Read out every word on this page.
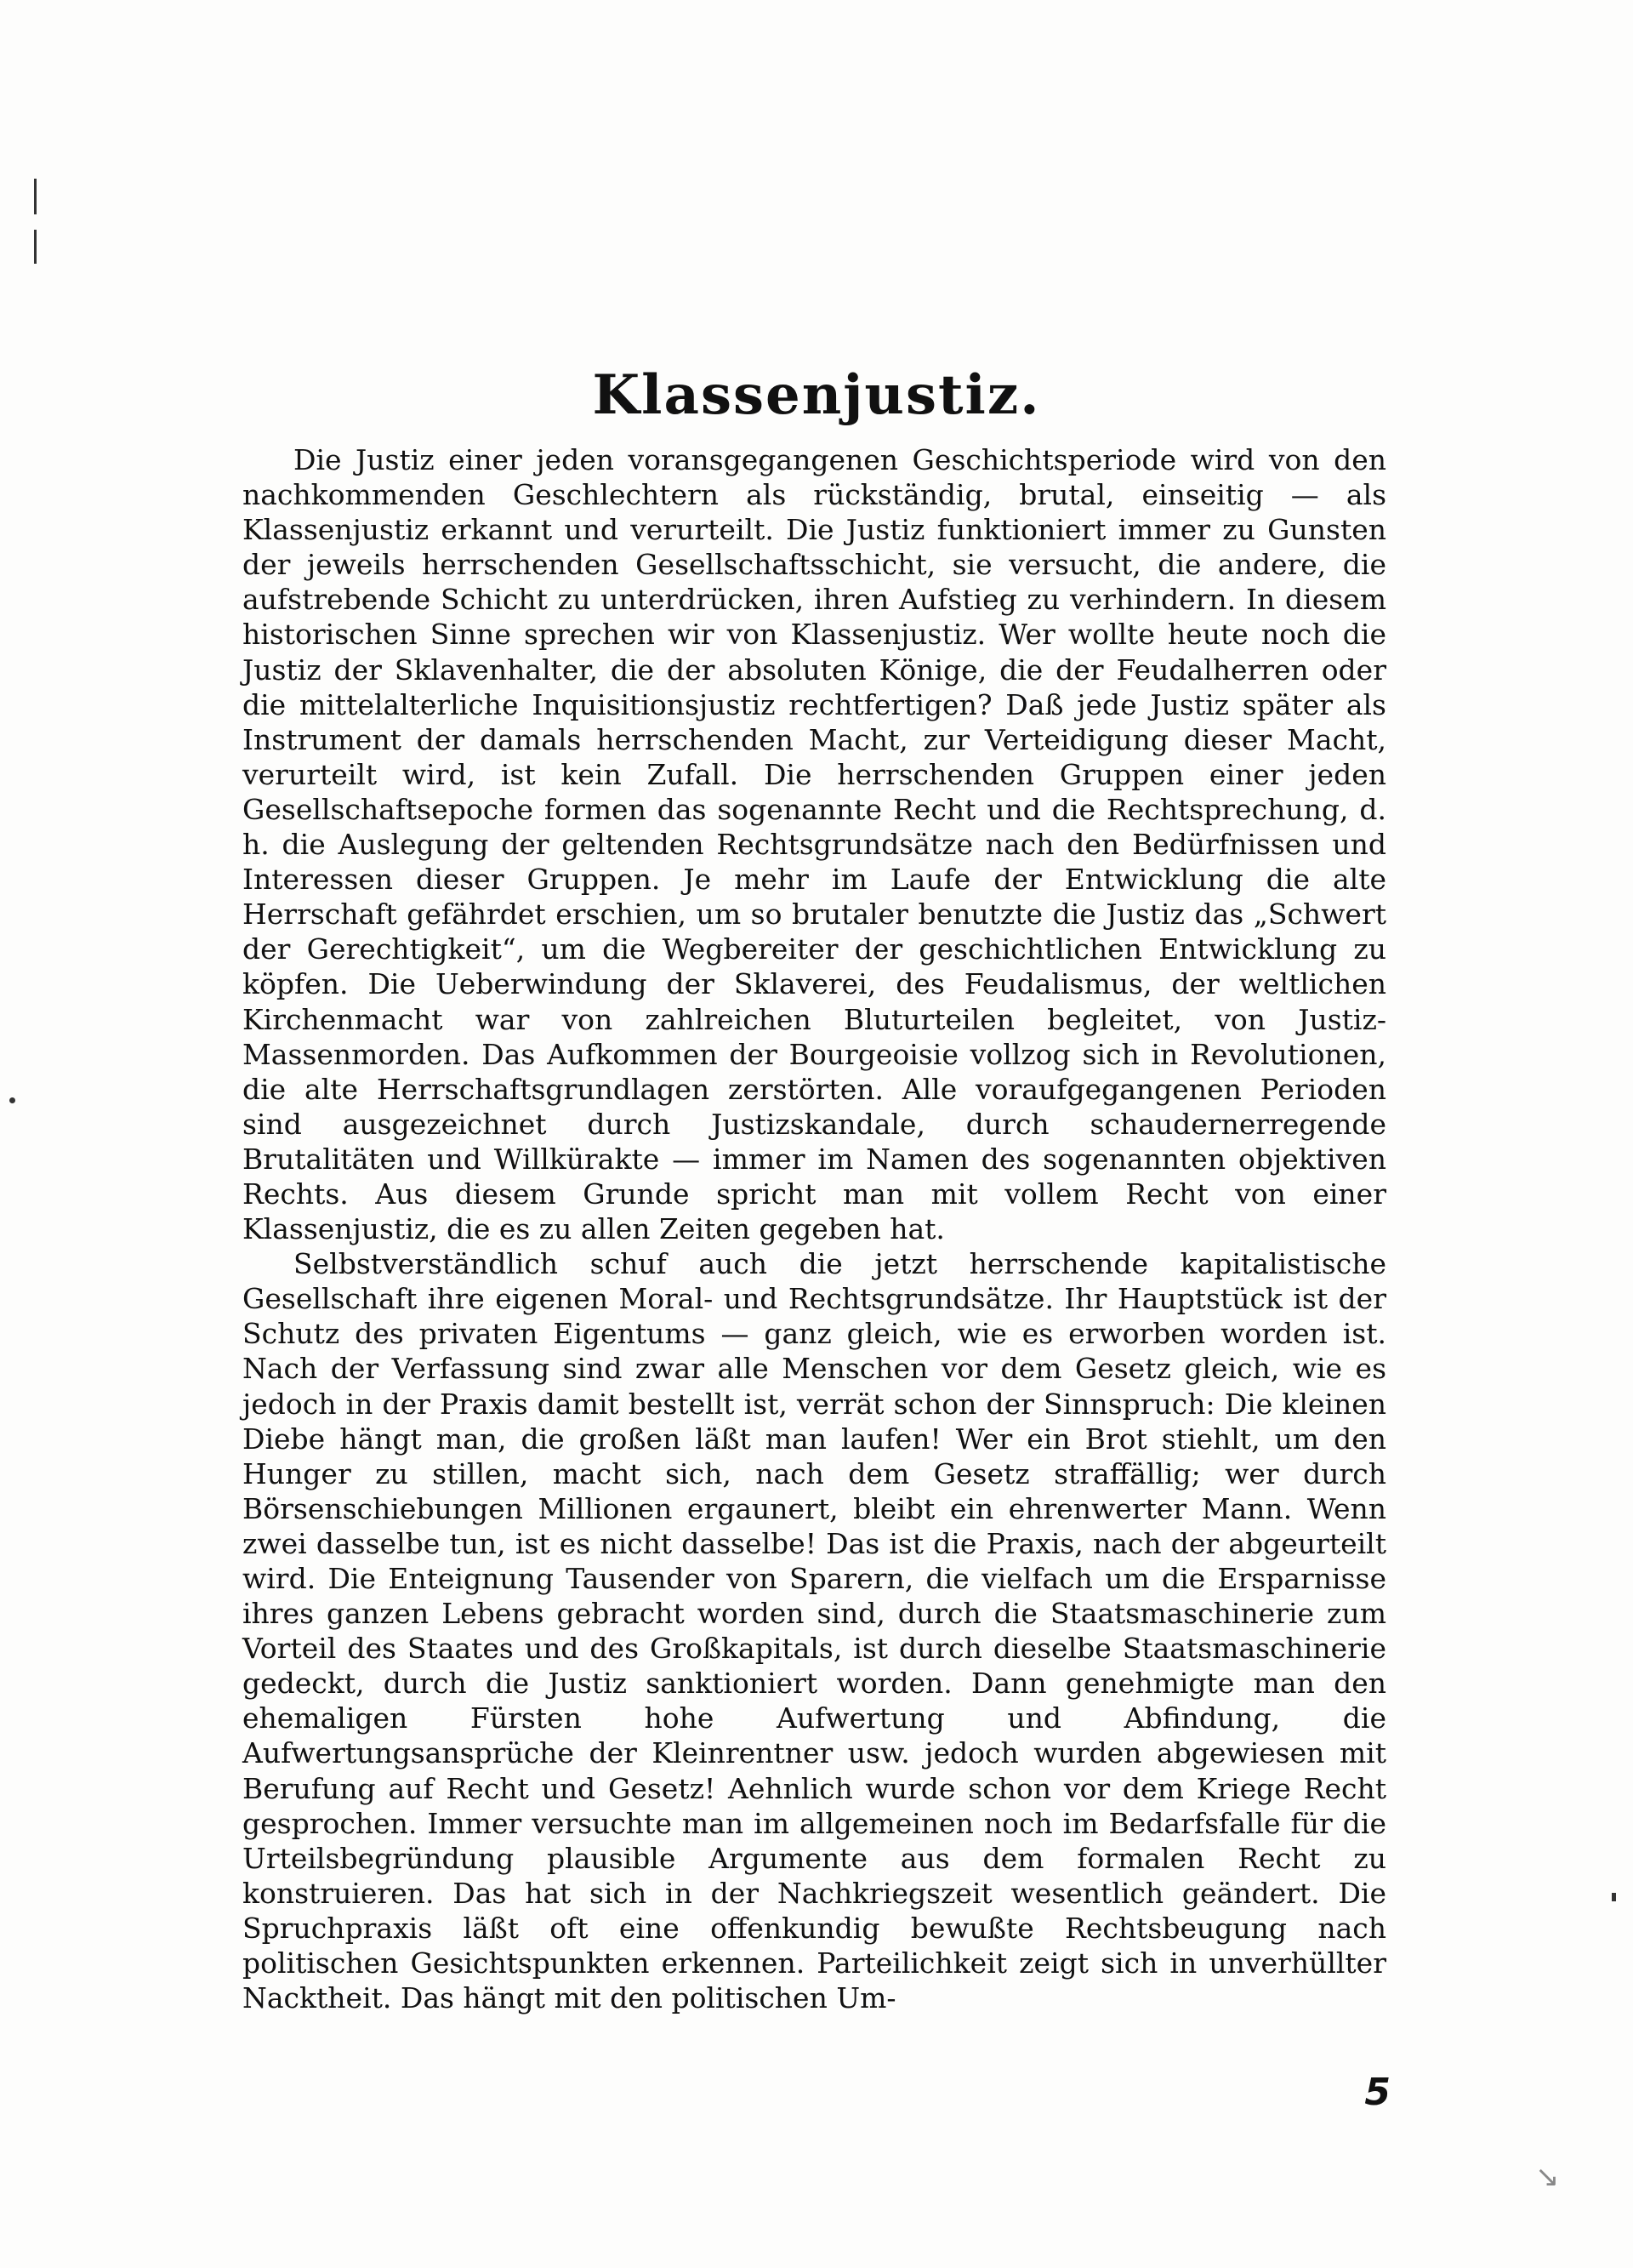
↘
Klassenjustiz.

Die Justiz einer jeden voransgegangenen Geschichtsperiode wird von den nachkommenden Geschlechtern als rückständig, brutal, einseitig — als Klassenjustiz erkannt und verurteilt. Die Justiz funktioniert immer zu Gunsten der jeweils herrschenden Gesellschaftsschicht, sie versucht, die andere, die aufstrebende Schicht zu unterdrücken, ihren Aufstieg zu verhindern. In diesem historischen Sinne sprechen wir von Klassenjustiz. Wer wollte heute noch die Justiz der Sklavenhalter, die der absoluten Könige, die der Feudalherren oder die mittelalterliche Inquisitionsjustiz rechtfertigen? Daß jede Justiz später als Instrument der damals herrschenden Macht, zur Verteidigung dieser Macht, verurteilt wird, ist kein Zufall. Die herrschenden Gruppen einer jeden Gesellschaftsepoche formen das sogenannte Recht und die Rechtsprechung, d. h. die Auslegung der geltenden Rechtsgrundsätze nach den Bedürfnissen und Interessen dieser Gruppen. Je mehr im Laufe der Entwicklung die alte Herrschaft gefährdet erschien, um so brutaler benutzte die Justiz das „Schwert der Gerechtigkeit“, um die Wegbereiter der geschichtlichen Entwicklung zu köpfen. Die Ueberwindung der Sklaverei, des Feudalismus, der weltlichen Kirchenmacht war von zahlreichen Bluturteilen begleitet, von Justiz-Massenmorden. Das Aufkommen der Bourgeoisie vollzog sich in Revolutionen, die alte Herrschaftsgrundlagen zerstörten. Alle voraufgegangenen Perioden sind ausgezeichnet durch Justizskandale, durch schaudernerregende Brutalitäten und Willkürakte — immer im Namen des sogenannten objektiven Rechts. Aus diesem Grunde spricht man mit vollem Recht von einer Klassenjustiz, die es zu allen Zeiten gegeben hat.

Selbstverständlich schuf auch die jetzt herrschende kapitalistische Gesellschaft ihre eigenen Moral- und Rechtsgrundsätze. Ihr Hauptstück ist der Schutz des privaten Eigentums — ganz gleich, wie es erworben worden ist. Nach der Verfassung sind zwar alle Menschen vor dem Gesetz gleich, wie es jedoch in der Praxis damit bestellt ist, verrät schon der Sinnspruch: Die kleinen Diebe hängt man, die großen läßt man laufen! Wer ein Brot stiehlt, um den Hunger zu stillen, macht sich, nach dem Gesetz straffällig; wer durch Börsenschiebungen Millionen ergaunert, bleibt ein ehrenwerter Mann. Wenn zwei dasselbe tun, ist es nicht dasselbe! Das ist die Praxis, nach der abgeurteilt wird. Die Enteignung Tausender von Sparern, die vielfach um die Ersparnisse ihres ganzen Lebens gebracht worden sind, durch die Staatsmaschinerie zum Vorteil des Staates und des Großkapitals, ist durch dieselbe Staatsmaschinerie gedeckt, durch die Justiz sanktioniert worden. Dann genehmigte man den ehemaligen Fürsten hohe Aufwertung und Abfindung, die Aufwertungsansprüche der Kleinrentner usw. jedoch wurden abgewiesen mit Berufung auf Recht und Gesetz! Aehnlich wurde schon vor dem Kriege Recht gesprochen. Immer versuchte man im allgemeinen noch im Bedarfsfalle für die Urteilsbegründung plausible Argumente aus dem formalen Recht zu konstruieren. Das hat sich in der Nachkriegszeit wesentlich geändert. Die Spruchpraxis läßt oft eine offenkundig bewußte Rechtsbeugung nach politischen Gesichtspunkten erkennen. Parteilichkeit zeigt sich in unverhüllter Nacktheit. Das hängt mit den politischen Um-

5
